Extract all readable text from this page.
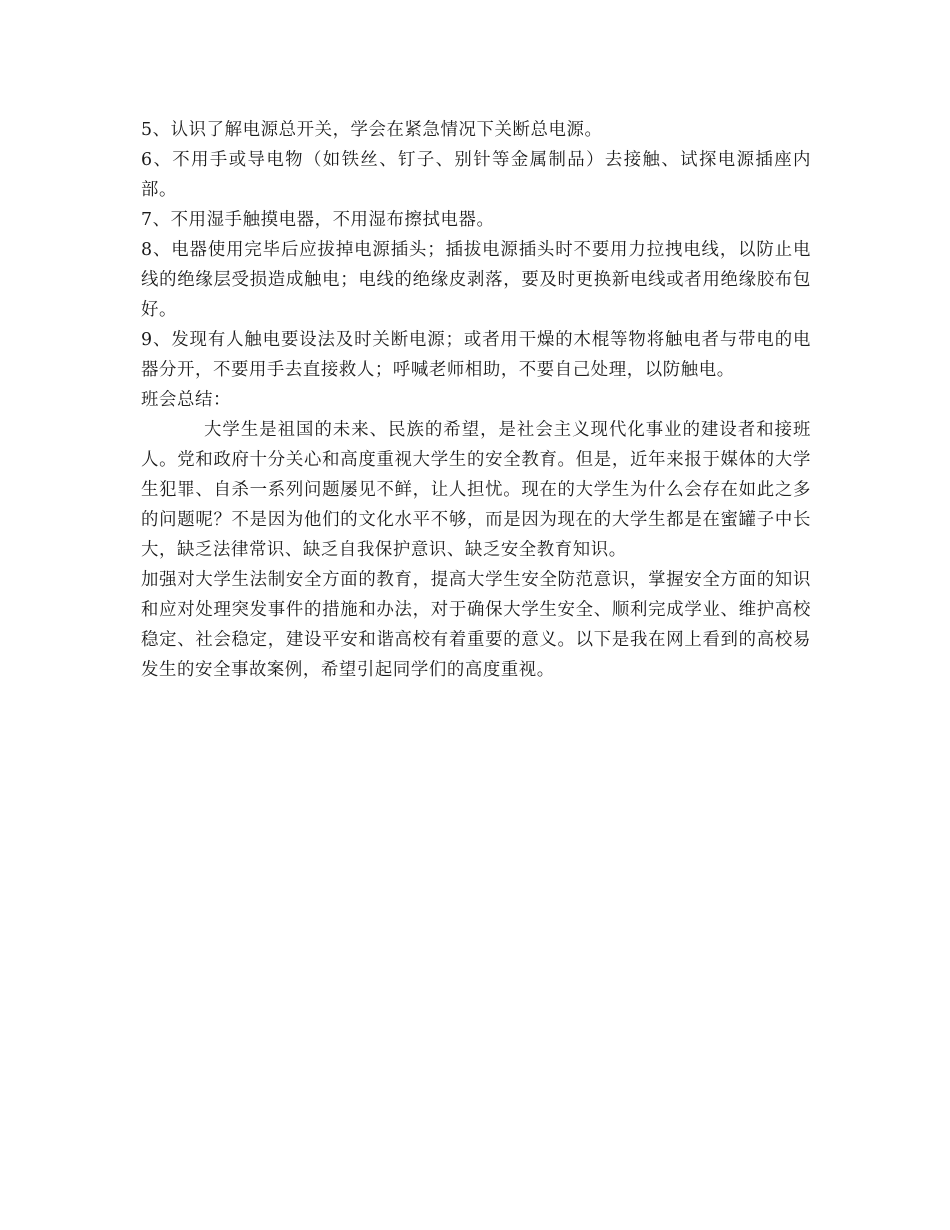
5、认识了解电源总开关，学会在紧急情况下关断总电源。

6、不用手或导电物（如铁丝、钉子、别针等金属制品）去接触、试探电源插座内部。

7、不用湿手触摸电器，不用湿布擦拭电器。

8、电器使用完毕后应拔掉电源插头；插拔电源插头时不要用力拉拽电线，以防止电线的绝缘层受损造成触电；电线的绝缘皮剥落，要及时更换新电线或者用绝缘胶布包好。

9、发现有人触电要设法及时关断电源；或者用干燥的木棍等物将触电者与带电的电器分开，不要用手去直接救人；呼喊老师相助，不要自己处理，以防触电。

班会总结：

大学生是祖国的未来、民族的希望，是社会主义现代化事业的建设者和接班人。党和政府十分关心和高度重视大学生的安全教育。但是，近年来报于媒体的大学生犯罪、自杀一系列问题屡见不鲜，让人担忧。现在的大学生为什么会存在如此之多的问题呢？不是因为他们的文化水平不够，而是因为现在的大学生都是在蜜罐子中长大，缺乏法律常识、缺乏自我保护意识、缺乏安全教育知识。

加强对大学生法制安全方面的教育，提高大学生安全防范意识，掌握安全方面的知识和应对处理突发事件的措施和办法，对于确保大学生安全、顺利完成学业、维护高校稳定、社会稳定，建设平安和谐高校有着重要的意义。以下是我在网上看到的高校易发生的安全事故案例，希望引起同学们的高度重视。
